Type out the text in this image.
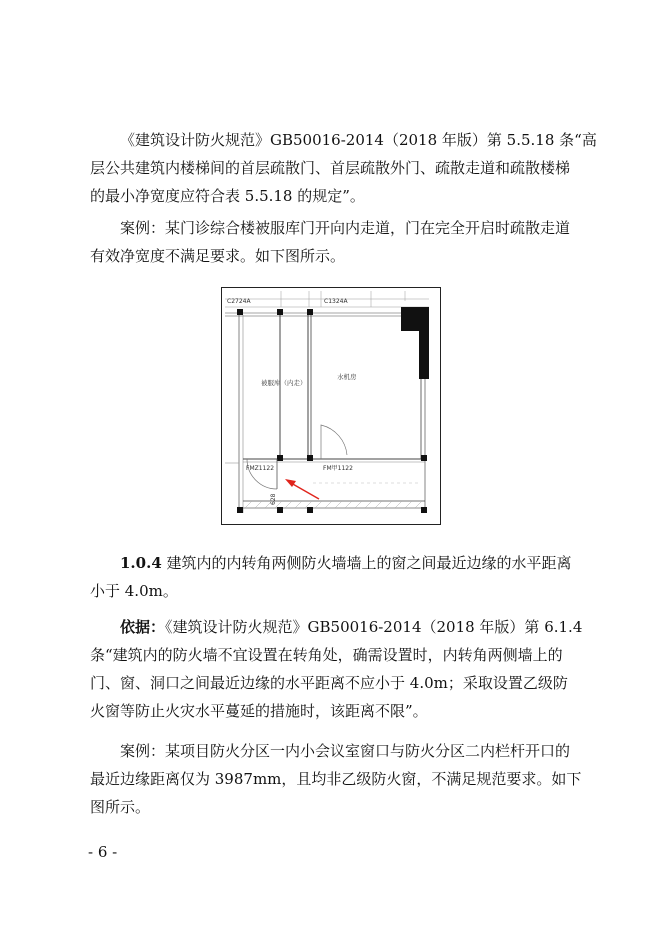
《建筑设计防火规范》GB50016-2014（2018 年版）第 5.5.18 条“高
层公共建筑内楼梯间的首层疏散门、首层疏散外门、疏散走道和疏散楼梯
的最小净宽度应符合表 5.5.18 的规定”。
案例：某门诊综合楼被服库门开向内走道，门在完全开启时疏散走道
有效净宽度不满足要求。如下图所示。
C2724A	C1324A
被服库（内走）
水机房
FMZ1122	FM甲1122
628
1.0.4 建筑内的内转角两侧防火墙墙上的窗之间最近边缘的水平距离
小于 4.0m。
依据：《建筑设计防火规范》GB50016-2014（2018 年版）第 6.1.4
条“建筑内的防火墙不宜设置在转角处，确需设置时，内转角两侧墙上的
门、窗、洞口之间最近边缘的水平距离不应小于 4.0m；采取设置乙级防
火窗等防止火灾水平蔓延的措施时，该距离不限”。
案例：某项目防火分区一内小会议室窗口与防火分区二内栏杆开口的
最近边缘距离仅为 3987mm，且均非乙级防火窗，不满足规范要求。如下
图所示。
- 6 -
